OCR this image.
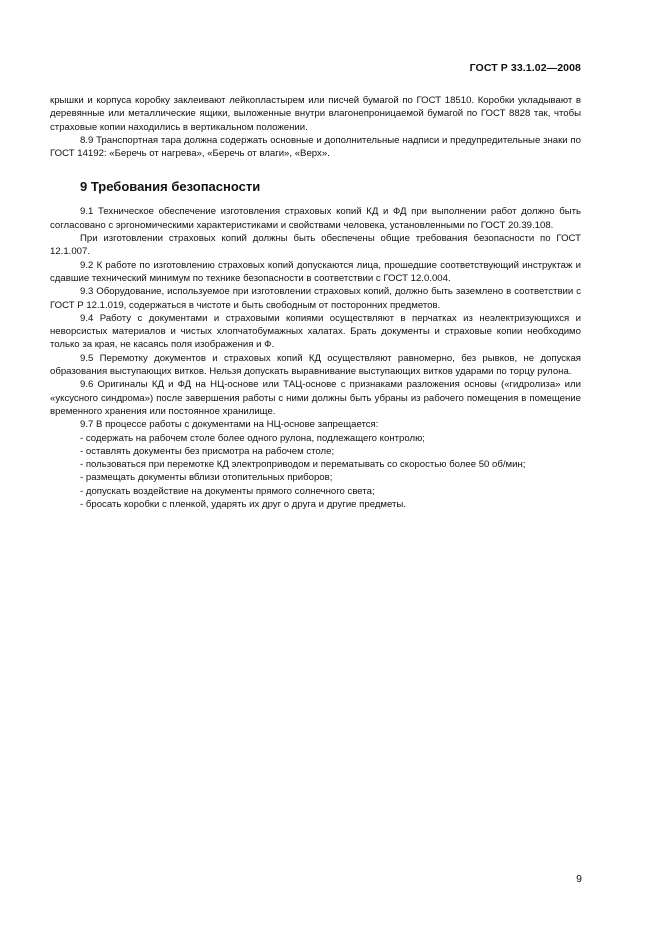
ГОСТ Р 33.1.02—2008

крышки и корпуса коробку заклеивают лейкопластырем или писчей бумагой по ГОСТ 18510. Коробки укладывают в деревянные или металлические ящики, выложенные внутри влагонепроницаемой бумагой по ГОСТ 8828 так, чтобы страховые копии находились в вертикальном положении.

8.9 Транспортная тара должна содержать основные и дополнительные надписи и предупредительные знаки по ГОСТ 14192: «Беречь от нагрева», «Беречь от влаги», «Верх».

9 Требования безопасности

9.1 Техническое обеспечение изготовления страховых копий КД и ФД при выполнении работ должно быть согласовано с эргономическими характеристиками и свойствами человека, установленными по ГОСТ 20.39.108.

При изготовлении страховых копий должны быть обеспечены общие требования безопасности по ГОСТ 12.1.007.

9.2 К работе по изготовлению страховых копий допускаются лица, прошедшие соответствующий инструктаж и сдавшие технический минимум по технике безопасности в соответствии с ГОСТ 12.0.004.

9.3 Оборудование, используемое при изготовлении страховых копий, должно быть заземлено в соответствии с ГОСТ Р 12.1.019, содержаться в чистоте и быть свободным от посторонних предметов.

9.4 Работу с документами и страховыми копиями осуществляют в перчатках из неэлектризующихся и неворсистых материалов и чистых хлопчатобумажных халатах. Брать документы и страховые копии необходимо только за края, не касаясь поля изображения и Ф.

9.5 Перемотку документов и страховых копий КД осуществляют равномерно, без рывков, не допуская образования выступающих витков. Нельзя допускать выравнивание выступающих витков ударами по торцу рулона.

9.6 Оригиналы КД и ФД на НЦ-основе или ТАЦ-основе с признаками разложения основы («гидролиза» или «уксусного синдрома») после завершения работы с ними должны быть убраны из рабочего помещения в помещение временного хранения или постоянное хранилище.

9.7 В процессе работы с документами на НЦ-основе запрещается:

- содержать на рабочем столе более одного рулона, подлежащего контролю;

- оставлять документы без присмотра на рабочем столе;

- пользоваться при перемотке КД электроприводом и перематывать со скоростью более 50 об/мин;

- размещать документы вблизи отопительных приборов;

- допускать воздействие на документы прямого солнечного света;

- бросать коробки с пленкой, ударять их друг о друга и другие предметы.

9
